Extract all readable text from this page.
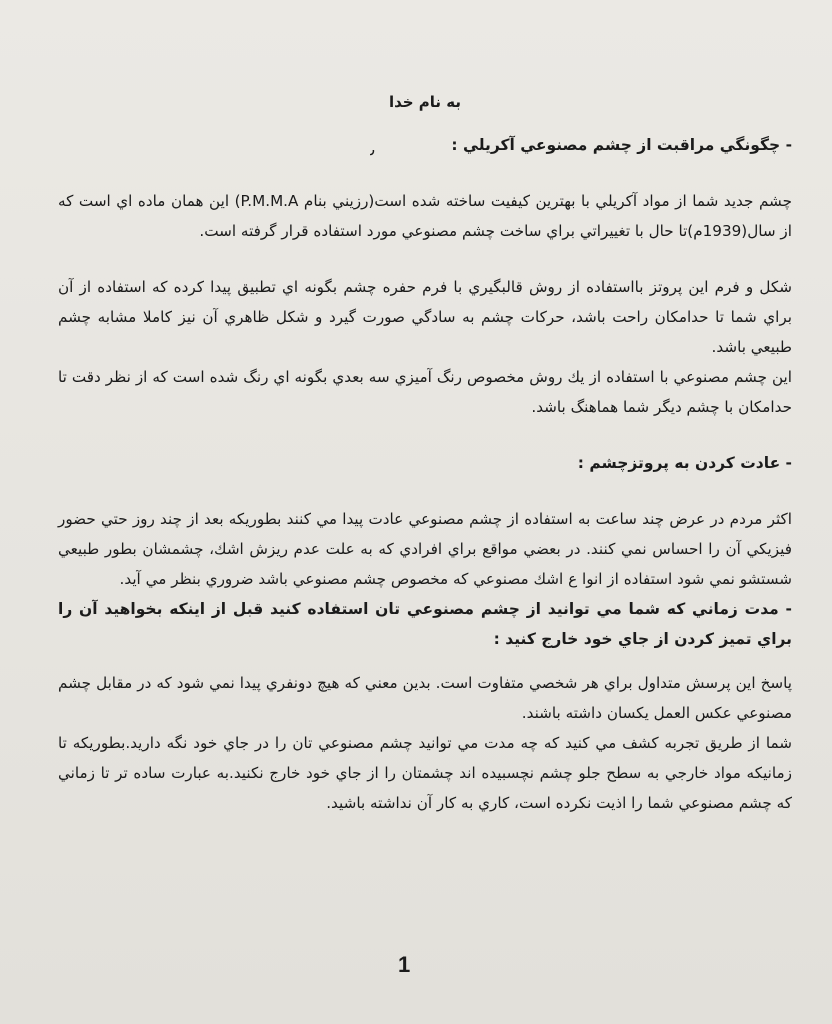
٫

به نام خدا

- چگونگي مراقبت از چشم مصنوعي آكريلي :

چشم جديد شما از مواد آكريلي با بهترين كيفيت ساخته شده است(رزيني بنام P.M.M.A) اين همان ماده اي است كه از سال(1939م)تا حال با تغييراتي براي ساخت چشم مصنوعي مورد استفاده قرار گرفته است.

شكل و فرم اين پروتز بااستفاده از روش قالبگيري با فرم حفره چشم بگونه اي تطبيق پيدا كرده كه استفاده از آن براي شما تا حدامكان راحت باشد، حركات چشم به سادگي صورت گيرد و شكل ظاهري آن نيز كاملا مشابه چشم طبيعي باشد.

اين چشم مصنوعي با استفاده از يك روش مخصوص رنگ آميزي سه بعدي بگونه اي رنگ شده است كه از نظر دقت تا حدامكان با چشم ديگر شما هماهنگ باشد.

- عادت كردن به پروتزچشم :

اكثر مردم در عرض چند ساعت به استفاده از چشم مصنوعي عادت پيدا مي كنند بطوريكه بعد از چند روز حتي حضور فيزيكي آن را احساس نمي كنند. در بعضي مواقع براي افرادي كه به علت عدم ريزش اشك، چشمشان بطور طبيعي شستشو نمي شود استفاده از انوا ع اشك مصنوعي كه مخصوص چشم مصنوعي باشد ضروري بنظر مي آيد.

- مدت زماني كه شما مي توانيد از چشم مصنوعي تان استفاده كنيد قبل از اينكه بخواهيد آن را براي تميز كردن از جاي خود خارج كنيد :

پاسخ اين پرسش متداول براي هر شخصي متفاوت است. بدين معني كه هيچ دونفري پيدا نمي شود كه در مقابل چشم مصنوعي عكس العمل يكسان داشته باشند.

شما از طريق تجربه كشف مي كنيد كه چه مدت مي توانيد چشم مصنوعي تان را در جاي خود نگه داريد.بطوريكه تا زمانيكه مواد خارجي به سطح جلو چشم نچسبيده اند چشمتان را از جاي خود خارج نكنيد.به عبارت ساده تر تا زماني كه چشم مصنوعي شما را اذيت نكرده است، كاري به كار آن نداشته باشيد.

1
